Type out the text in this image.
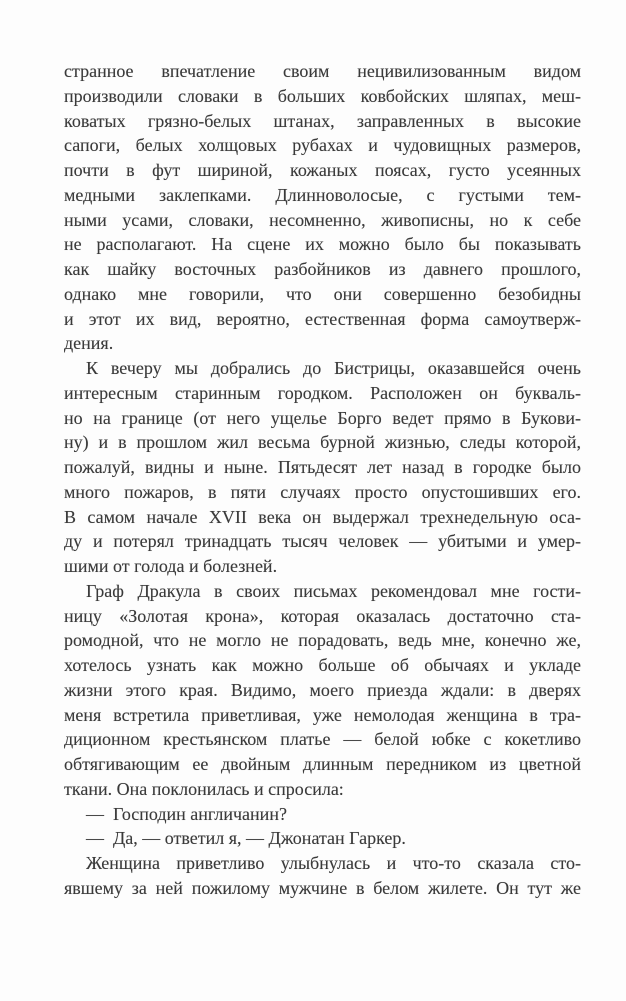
странное впечатление своим нецивилизованным видом
производили словаки в больших ковбойских шляпах, меш-
коватых грязно-белых штанах, заправленных в высокие
сапоги, белых холщовых рубахах и чудовищных размеров,
почти в фут шириной, кожаных поясах, густо усеянных
медными заклепками. Длинноволосые, с густыми тем-
ными усами, словаки, несомненно, живописны, но к себе
не располагают. На сцене их можно было бы показывать
как шайку восточных разбойников из давнего прошлого,
однако мне говорили, что они совершенно безобидны
и этот их вид, вероятно, естественная форма самоутверж-
дения.
К вечеру мы добрались до Бистрицы, оказавшейся очень
интересным старинным городком. Расположен он букваль-
но на границе (от него ущелье Борго ведет прямо в Букови-
ну) и в прошлом жил весьма бурной жизнью, следы которой,
пожалуй, видны и ныне. Пятьдесят лет назад в городке было
много пожаров, в пяти случаях просто опустошивших его.
В самом начале XVII века он выдержал трехнедельную оса-
ду и потерял тринадцать тысяч человек — убитыми и умер-
шими от голода и болезней.
Граф Дракула в своих письмах рекомендовал мне гости-
ницу «Золотая крона», которая оказалась достаточно ста-
ромодной, что не могло не порадовать, ведь мне, конечно же,
хотелось узнать как можно больше об обычаях и укладе
жизни этого края. Видимо, моего приезда ждали: в дверях
меня встретила приветливая, уже немолодая женщина в тра-
диционном крестьянском платье — белой юбке с кокетливо
обтягивающим ее двойным длинным передником из цветной
ткани. Она поклонилась и спросила:
— Господин англичанин?
— Да, — ответил я, — Джонатан Гаркер.
Женщина приветливо улыбнулась и что-то сказала сто-
явшему за ней пожилому мужчине в белом жилете. Он тут же
